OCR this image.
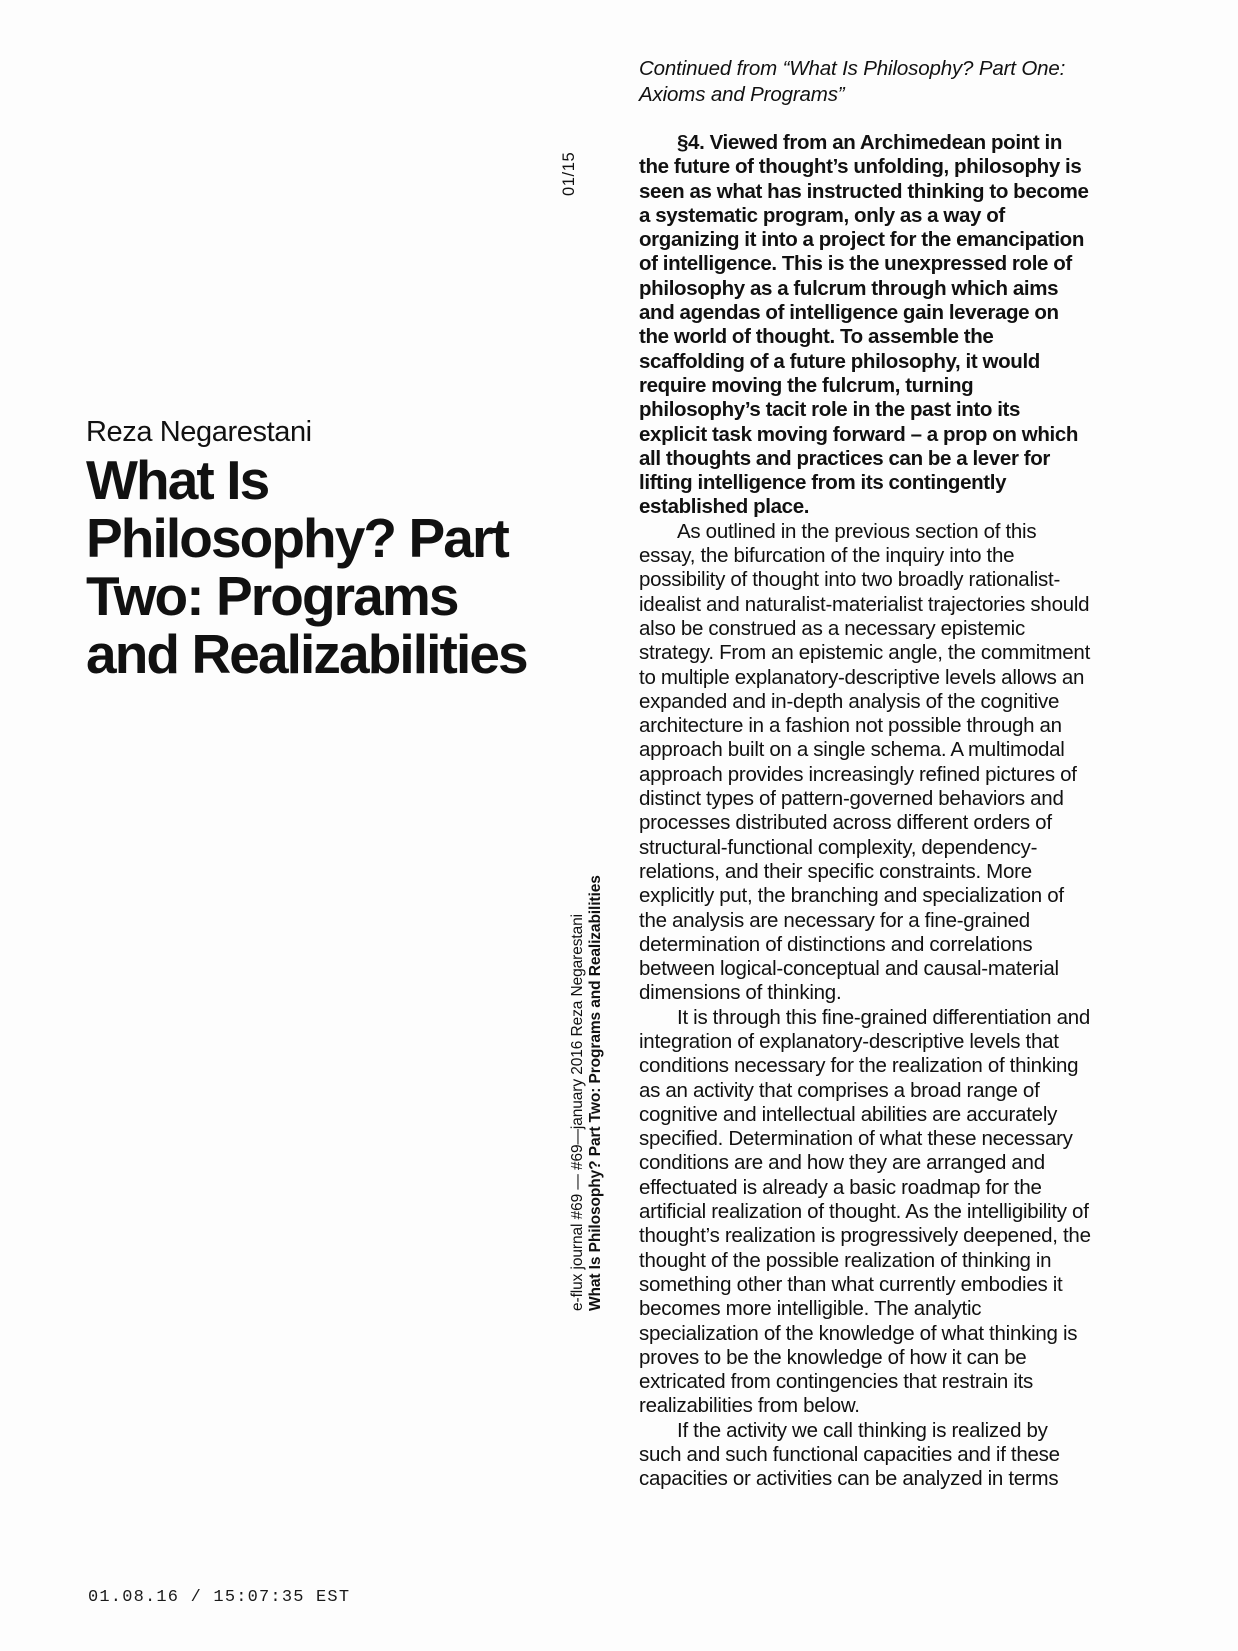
01/15
e-flux journal #69 — #69—january 2016 Reza Negarestani What Is Philosophy? Part Two: Programs and Realizabilities
Reza Negarestani
What Is Philosophy? Part Two: Programs and Realizabilities

Continued from “What Is Philosophy? Part One: Axioms and Programs”

§4. Viewed from an Archimedean point in the future of thought’s unfolding, philosophy is seen as what has instructed thinking to become a systematic program, only as a way of organizing it into a project for the emancipation of intelligence. This is the unexpressed role of philosophy as a fulcrum through which aims and agendas of intelligence gain leverage on the world of thought. To assemble the scaffolding of a future philosophy, it would require moving the fulcrum, turning philosophy’s tacit role in the past into its explicit task moving forward – a prop on which all thoughts and practices can be a lever for lifting intelligence from its contingently established place.

As outlined in the previous section of this essay, the bifurcation of the inquiry into the possibility of thought into two broadly rationalist-idealist and naturalist-materialist trajectories should also be construed as a necessary epistemic strategy. From an epistemic angle, the commitment to multiple explanatory-descriptive levels allows an expanded and in-depth analysis of the cognitive architecture in a fashion not possible through an approach built on a single schema. A multimodal approach provides increasingly refined pictures of distinct types of pattern-governed behaviors and processes distributed across different orders of structural-functional complexity, dependency-relations, and their specific constraints. More explicitly put, the branching and specialization of the analysis are necessary for a fine-grained determination of distinctions and correlations between logical-conceptual and causal-material dimensions of thinking.

It is through this fine-grained differentiation and integration of explanatory-descriptive levels that conditions necessary for the realization of thinking as an activity that comprises a broad range of cognitive and intellectual abilities are accurately specified. Determination of what these necessary conditions are and how they are arranged and effectuated is already a basic roadmap for the artificial realization of thought. As the intelligibility of thought’s realization is progressively deepened, the thought of the possible realization of thinking in something other than what currently embodies it becomes more intelligible. The analytic specialization of the knowledge of what thinking is proves to be the knowledge of how it can be extricated from contingencies that restrain its realizabilities from below.

If the activity we call thinking is realized by such and such functional capacities and if these capacities or activities can be analyzed in terms

01.08.16 / 15:07:35 EST
